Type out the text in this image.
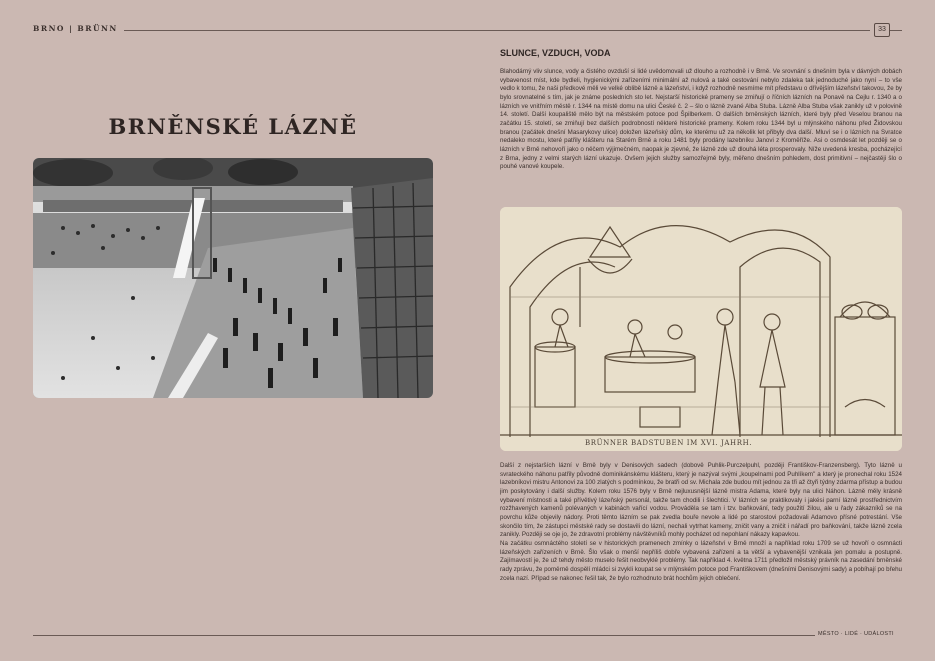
BRNO | BRÜNN	33
BRNĚNSKÉ LÁZNĚ
SLUNCE, VZDUCH, VODA

Blahodárný vliv slunce, vody a čistého ovzduší si lidé uvědomovali už dlouho a rozhodně i v Brně. Ve srovnání s dnešním byla v dávných dobách vybavenost míst, kde bydleli, hygienickými zařízeními minimální až nulová a také cestování nebylo zdaleka tak jednoduché jako nyní – to vše vedlo k tomu, že naši předkové měli ve velké oblibě lázně a lázeňství, i když rozhodně nesmíme mít představu o dřívějším lázeňství takovou, že by bylo srovnatelné s tím, jak je známe posledních sto let. Nejstarší historické prameny se zmiňují o říčních lázních na Ponavě na Cejlu r. 1340 a o lázních ve vnitřním městě r. 1344 na místě domu na ulici České č. 2 – šlo o lázně zvané Alba Stuba. Lázně Alba Stuba však zanikly už v polovině 14. století. Další koupaliště mělo být na městském potoce pod Špilberkem. O dalších brněnských lázních, které byly před Veselou branou na začátku 15. století, se zmiňují bez dalších podrobností některé historické prameny. Kolem roku 1344 byl u mlýnského náhonu před Židovskou branou (začátek dnešní Masarykovy ulice) doložen lázeňský dům, ke kterému už za několik let přibyly dva další. Mluví se i o lázních na Svratce nedaleko mostu, které patřily klášteru na Starém Brně a roku 1481 byly prodány lazebníku Janovi z Kroměříže. Asi o osmdesát let později se o lázních v Brně nehovoří jako o něčem výjimečném, naopak je zjevné, že lázně zde už dlouhá léta prosperovaly. Níže uvedená kresba, pocházející z Brna, jedny z velmi starých lázní ukazuje. Ovšem jejich služby samozřejmě byly, měřeno dnešním pohledem, dost primitivní – nejčastěji šlo o pouhé vanové koupele.

BRÜNNER BADSTUBEN IM XVI. JAHRH.

Další z nejstarších lázní v Brně byly v Denisových sadech (dobově Puhlik-Purczelpuhl, později Františkov-Franzensberg). Tyto lázně u svrateckého náhonu patřily původně dominikánskému klášteru, který je nazýval svými „koupelnami pod Puhlíkem" a který je pronechal roku 1524 lazebníkovi mistru Antonovi za 100 zlatých s podmínkou, že bratři od sv. Michala zde budou mít jednou za tři až čtyři týdny zdarma přístup a budou jim poskytovány i další služby. Kolem roku 1576 byly v Brně nejluxusnější lázně mistra Adama, které byly na ulici Náhon. Lázně měly krásně vybavení místnosti a také přívětivý lázeňský personál, takže tam chodili i šlechtici. V lázních se praktikovaly i jakési parní lázně prostřednictvím rozžhavených kamenů polévaných v kabinách vařící vodou. Prováděla se tam i tzv. baňkování, tedy použití žilou, ale u řady zákazníků se na povrchu kůže objevily nádory. Proti těmto lázním se pak zvedla bouře nevole a lidé po starostovi požadovali Adamovo přísné potrestání. Vše skončilo tím, že zástupci městské rady se dostavili do lázní, nechali vytrhat kameny, zničit vany a zničit i nářadí pro baňkování, takže lázně zcela zanikly. Později se oje jo, že zdravotní problémy návštěvníků mohly pocházet od nepohlaní nákazy kapavkou.

Na začátku osmnáctého století se v historických pramenech zmínky o lázeňství v Brně množí a například roku 1709 se už hovoří o osmnácti lázeňských zařízeních v Brně. Šlo však o menší nepříliš dobře vybavená zařízení a ta větší a vybavenější vznikala jen pomalu a postupně. Zajímavostí je, že už tehdy město muselo řešit neobvyklé problémy. Tak například 4. května 1711 předložil městský právník na zasedání brněnské rady zprávu, že poměrně dospělí mládci si zvykli koupat se v mlýnském potoce pod Františkovem (dnešními Denisovými sady) a pobíhají po břehu zcela nazí. Případ se nakonec řešil tak, že bylo rozhodnuto brát hochům jejich oblečení.

MĚSTO · LIDÉ · UDÁLOSTI
